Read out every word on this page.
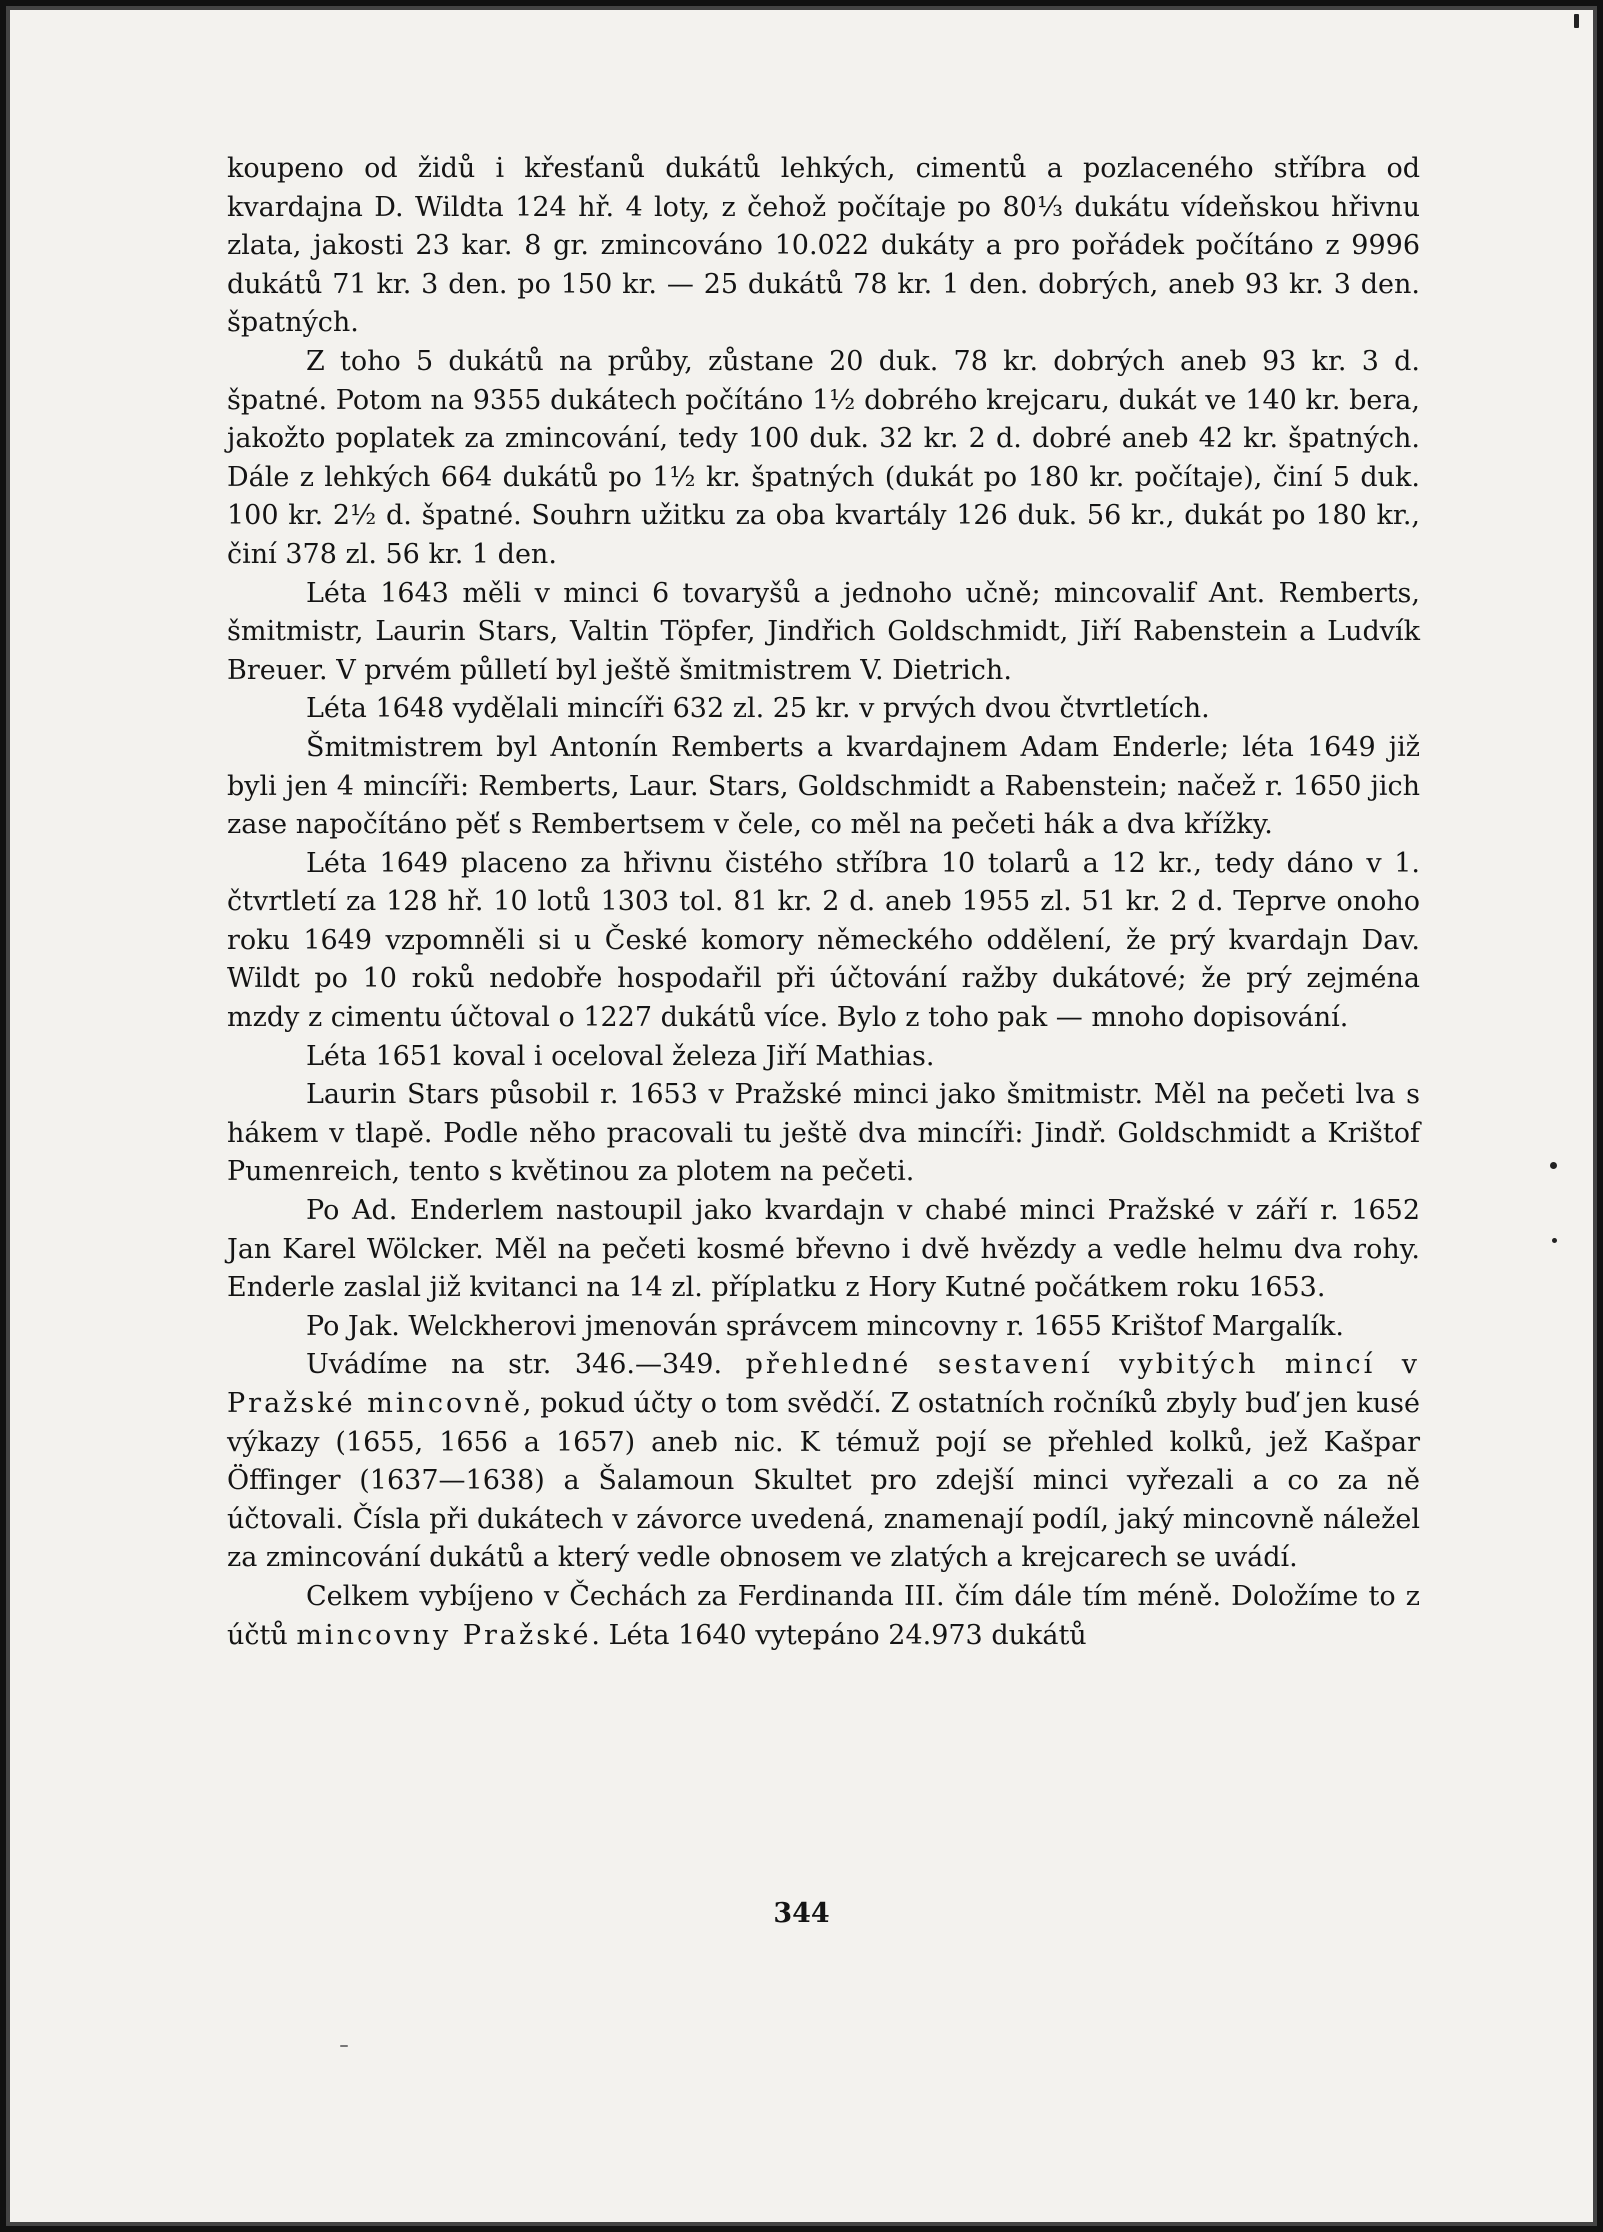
koupeno od židů i křesťanů dukátů lehkých, cimentů a pozlaceného stříbra od kvardajna D. Wildta 124 hř. 4 loty, z čehož počítaje po 80⅓ dukátu vídeňskou hřivnu zlata, jakosti 23 kar. 8 gr. zmincováno 10.022 dukáty a pro pořádek počítáno z 9996 dukátů 71 kr. 3 den. po 150 kr. — 25 dukátů 78 kr. 1 den. dobrých, aneb 93 kr. 3 den. špatných.

Z toho 5 dukátů na průby, zůstane 20 duk. 78 kr. dobrých aneb 93 kr. 3 d. špatné. Potom na 9355 dukátech počítáno 1½ dobrého krejcaru, dukát ve 140 kr. bera, jakožto poplatek za zmincování, tedy 100 duk. 32 kr. 2 d. dobré aneb 42 kr. špatných. Dále z lehkých 664 dukátů po 1½ kr. špatných (dukát po 180 kr. počítaje), činí 5 duk. 100 kr. 2½ d. špatné. Souhrn užitku za oba kvartály 126 duk. 56 kr., dukát po 180 kr., činí 378 zl. 56 kr. 1 den.

Léta 1643 měli v minci 6 tovaryšů a jednoho učně; mincovalif Ant. Remberts, šmitmistr, Laurin Stars, Valtin Töpfer, Jindřich Goldschmidt, Jiří Rabenstein a Ludvík Breuer. V prvém půlletí byl ještě šmitmistrem V. Dietrich.

Léta 1648 vydělali mincíři 632 zl. 25 kr. v prvých dvou čtvrtletích.

Šmitmistrem byl Antonín Remberts a kvardajnem Adam Enderle; léta 1649 již byli jen 4 mincíři: Remberts, Laur. Stars, Goldschmidt a Rabenstein; načež r. 1650 jich zase napočítáno pěť s Rembertsem v čele, co měl na pečeti hák a dva křížky.

Léta 1649 placeno za hřivnu čistého stříbra 10 tolarů a 12 kr., tedy dáno v 1. čtvrtletí za 128 hř. 10 lotů 1303 tol. 81 kr. 2 d. aneb 1955 zl. 51 kr. 2 d. Teprve onoho roku 1649 vzpomněli si u České komory německého oddělení, že prý kvardajn Dav. Wildt po 10 roků nedobře hospodařil při účtování ražby dukátové; že prý zejména mzdy z cimentu účtoval o 1227 dukátů více. Bylo z toho pak — mnoho dopisování.

Léta 1651 koval i oceloval železa Jiří Mathias.

Laurin Stars působil r. 1653 v Pražské minci jako šmitmistr. Měl na pečeti lva s hákem v tlapě. Podle něho pracovali tu ještě dva mincíři: Jindř. Goldschmidt a Krištof Pumenreich, tento s květinou za plotem na pečeti.

Po Ad. Enderlem nastoupil jako kvardajn v chabé minci Pražské v září r. 1652 Jan Karel Wölcker. Měl na pečeti kosmé břevno i dvě hvězdy a vedle helmu dva rohy. Enderle zaslal již kvitanci na 14 zl. příplatku z Hory Kutné počátkem roku 1653.

Po Jak. Welckherovi jmenován správcem mincovny r. 1655 Krištof Margalík.

Uvádíme na str. 346.—349. přehledné sestavení vybitých mincí v Pražské mincovně, pokud účty o tom svědčí. Z ostatních ročníků zbyly buď jen kusé výkazy (1655, 1656 a 1657) aneb nic. K témuž pojí se přehled kolků, jež Kašpar Öffinger (1637—1638) a Šalamoun Skultet pro zdejší minci vyřezali a co za ně účtovali. Čísla při dukátech v závorce uvedená, znamenají podíl, jaký mincovně náležel za zmincování dukátů a který vedle obnosem ve zlatých a krejcarech se uvádí.

Celkem vybíjeno v Čechách za Ferdinanda III. čím dále tím méně. Doložíme to z účtů mincovny Pražské. Léta 1640 vytepáno 24.973 dukátů

344
